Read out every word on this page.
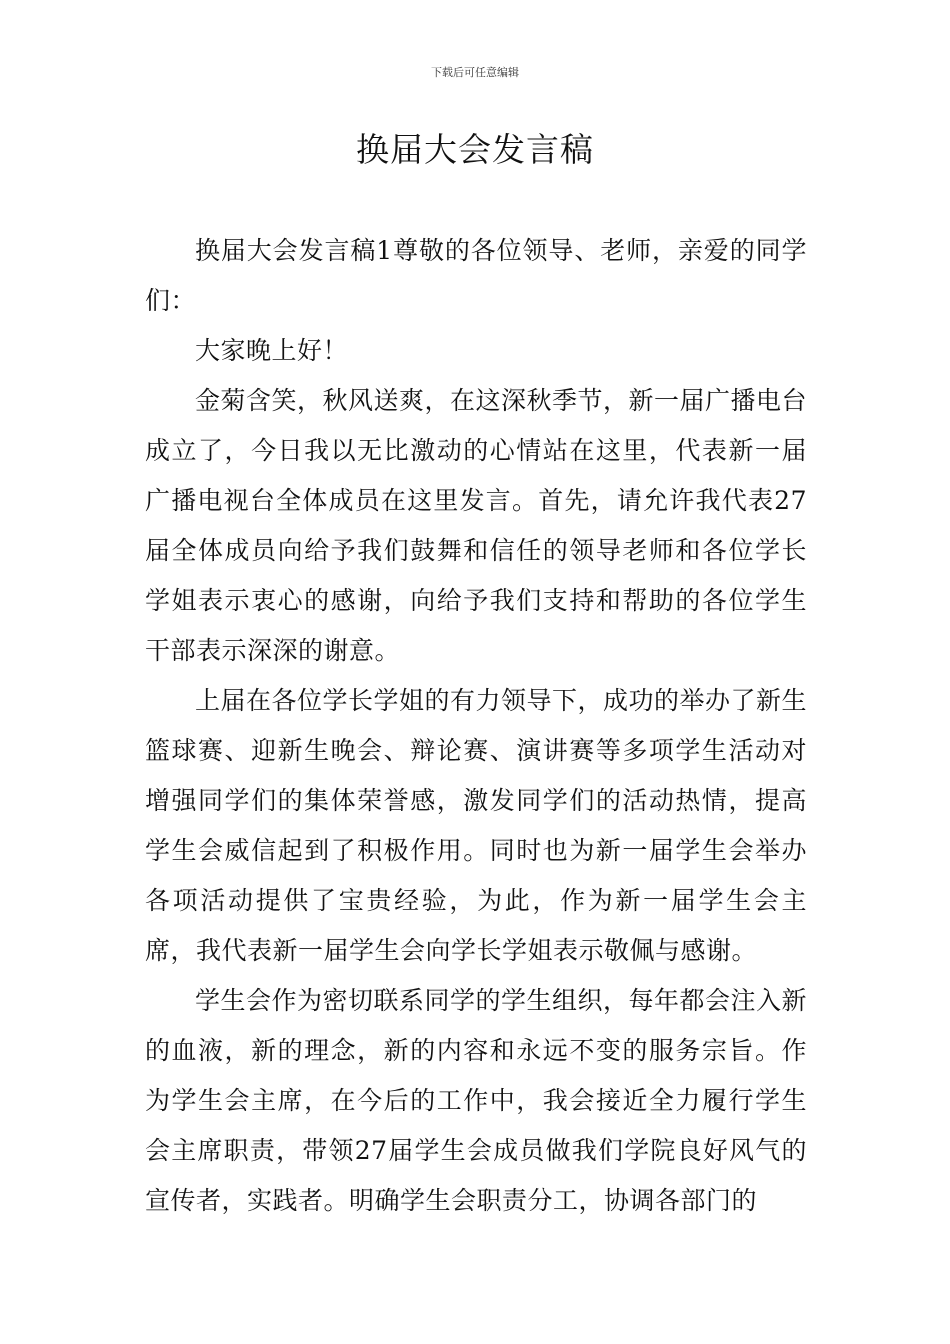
下载后可任意编辑
换届大会发言稿

换届大会发言稿1尊敬的各位领导、老师，亲爱的同学们：

大家晚上好！

金菊含笑，秋风送爽，在这深秋季节，新一届广播电台成立了，今日我以无比激动的心情站在这里，代表新一届广播电视台全体成员在这里发言。首先，请允许我代表27届全体成员向给予我们鼓舞和信任的领导老师和各位学长学姐表示衷心的感谢，向给予我们支持和帮助的各位学生干部表示深深的谢意。

上届在各位学长学姐的有力领导下，成功的举办了新生篮球赛、迎新生晚会、辩论赛、演讲赛等多项学生活动对增强同学们的集体荣誉感，激发同学们的活动热情，提高学生会威信起到了积极作用。同时也为新一届学生会举办各项活动提供了宝贵经验，为此，作为新一届学生会主席，我代表新一届学生会向学长学姐表示敬佩与感谢。

学生会作为密切联系同学的学生组织，每年都会注入新的血液，新的理念，新的内容和永远不变的服务宗旨。作为学生会主席，在今后的工作中，我会接近全力履行学生会主席职责，带领27届学生会成员做我们学院良好风气的宣传者，实践者。明确学生会职责分工，协调各部门的
